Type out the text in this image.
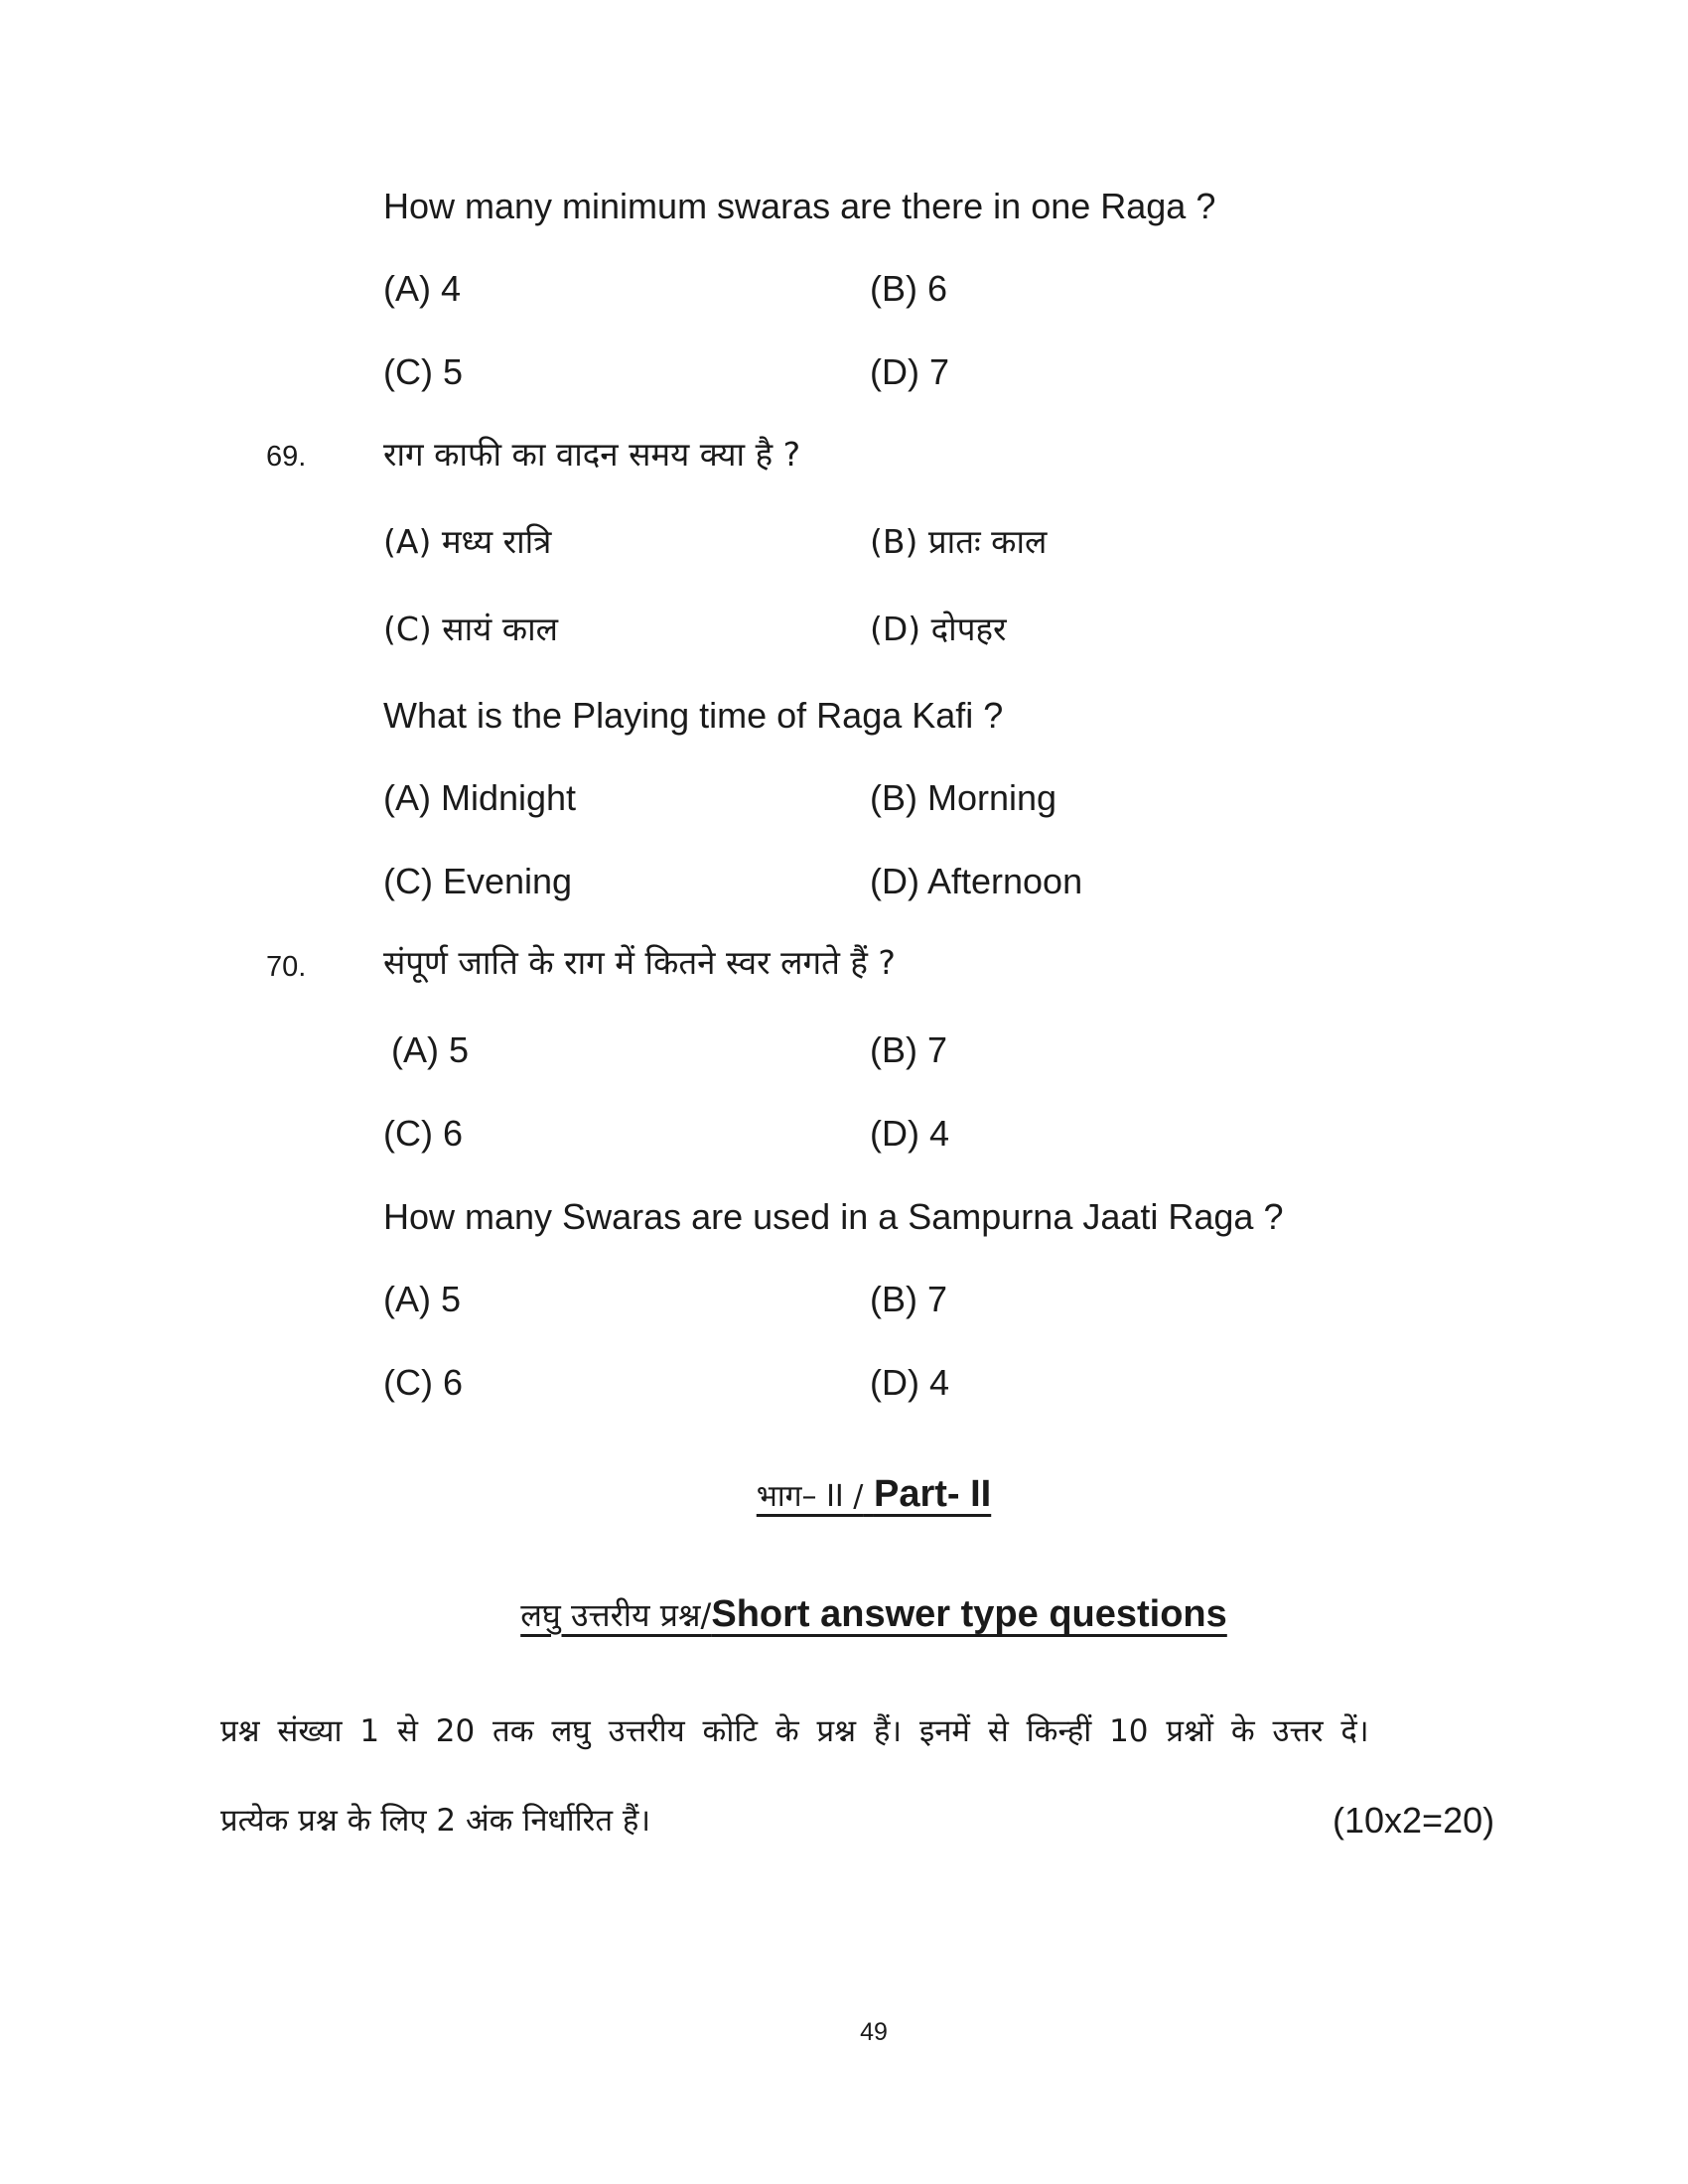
How many minimum swaras are there in one Raga ?
(A) 4	(B) 6
(C) 5	(D) 7
69. राग काफी का वादन समय क्या है ?
(A) मध्य रात्रि	(B) प्रातः काल
(C) सायं काल	(D) दोपहर
What is the Playing time of Raga Kafi ?
(A) Midnight	(B) Morning
(C) Evening	(D) Afternoon
70. संपूर्ण जाति के राग में कितने स्वर लगते हैं ?
(A) 5	(B) 7
(C) 6	(D) 4
How many Swaras are used in a Sampurna Jaati Raga ?
(A) 5	(B) 7
(C) 6	(D) 4
भाग– II / Part- II
लघु उत्तरीय प्रश्न/Short answer type questions
प्रश्न संख्या 1 से 20 तक लघु उत्तरीय कोटि के प्रश्न हैं। इनमें से किन्हीं 10 प्रश्नों के उत्तर दें।
प्रत्येक प्रश्न के लिए 2 अंक निर्धारित हैं।	(10x2=20)
49
